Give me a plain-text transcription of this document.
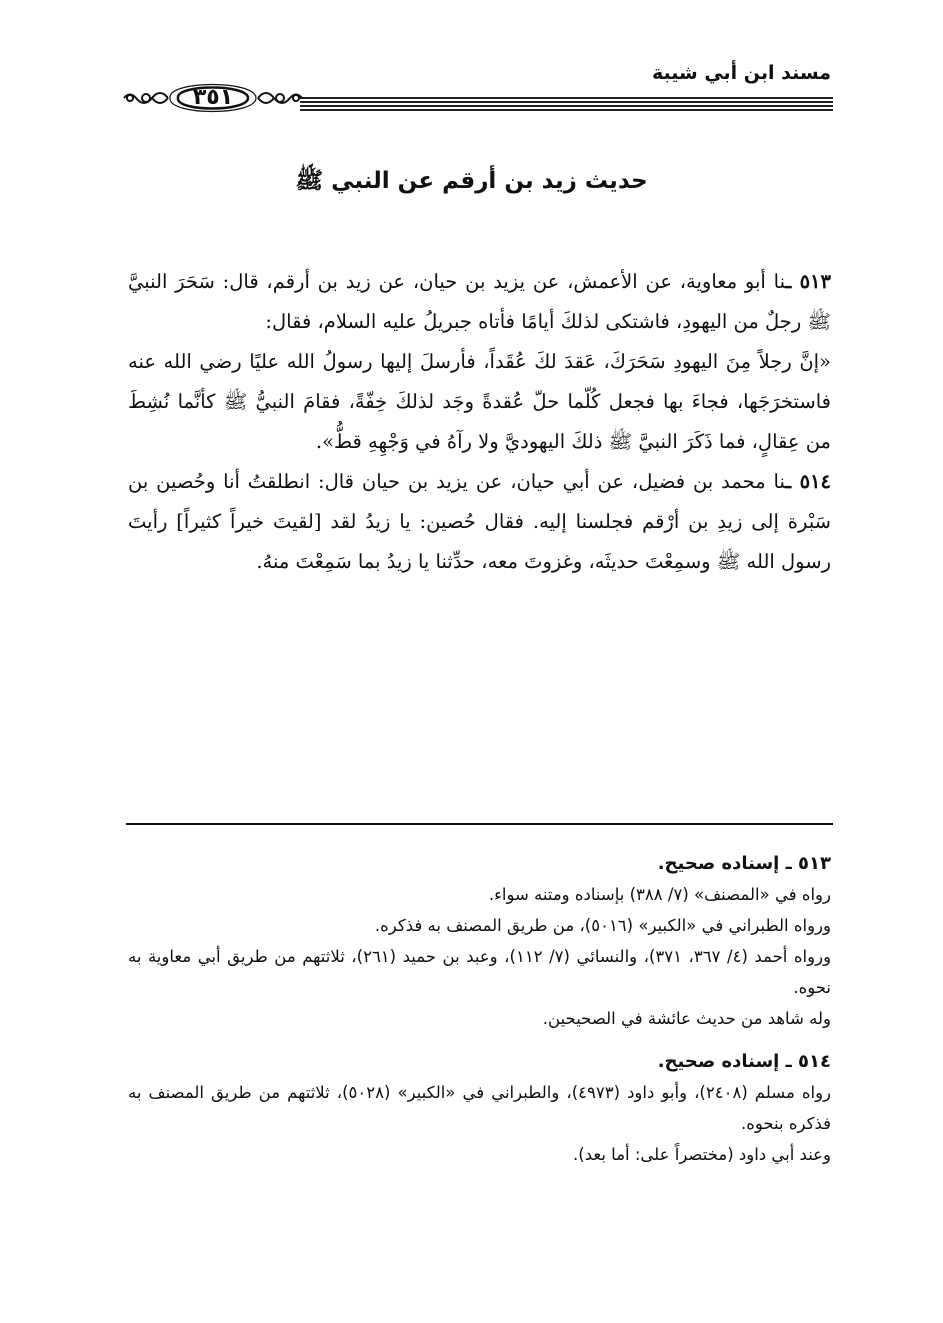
مسند ابن أبي شيبة
٣٥١
حديث زيد بن أرقم عن النبي ﷺ

٥١٣ ـنا أبو معاوية، عن الأعمش، عن يزيد بن حيان، عن زيد بن أرقم، قال: سَحَرَ النبيَّ ﷺ رجلٌ من اليهودِ، فاشتكى لذلكَ أيامًا فأتاه جبريلُ عليه السلام، فقال:

«إنَّ رجلاً مِنَ اليهودِ سَحَرَكَ، عَقدَ لكَ عُقَداً، فأرسلَ إليها رسولُ الله عليًا رضي الله عنه فاستخرَجَها، فجاءَ بها فجعل كُلّما حلّ عُقدةً وجَد لذلكَ خِفّةً، فقامَ النبيُّ ﷺ كأنَّما نُشِطَ من عِقالٍ، فما ذَكَرَ النبيَّ ﷺ ذلكَ اليهوديَّ ولا رآهُ في وَجْهِهِ قطُّ».

٥١٤ ـنا محمد بن فضيل، عن أبي حيان، عن يزيد بن حيان قال: انطلقتُ أنا وحُصين بن سَبْرة إلى زيدِ بن أرْقم فجلسنا إليه. فقال حُصين: يا زيدُ لقد [لقيتَ خيراً كثيراً] رأيتَ رسول الله ﷺ وسمِعْتَ حديثَه، وغزوتَ معه، حدِّثنا يا زيدُ بما سَمِعْتَ منهُ.

٥١٣ ـ إسناده صحيح.

رواه في «المصنف» (٧/ ٣٨٨) بإسناده ومتنه سواء.

ورواه الطبراني في «الكبير» (٥٠١٦)، من طريق المصنف به فذكره.

ورواه أحمد (٤/ ٣٦٧، ٣٧١)، والنسائي (٧/ ١١٢)، وعبد بن حميد (٢٦١)، ثلاثتهم من طريق أبي معاوية به نحوه.

وله شاهد من حديث عائشة في الصحيحين.

٥١٤ ـ إسناده صحيح.

رواه مسلم (٢٤٠٨)، وأبو داود (٤٩٧٣)، والطبراني في «الكبير» (٥٠٢٨)، ثلاثتهم من طريق المصنف به فذكره بنحوه.

وعند أبي داود (مختصراً على: أما بعد).
